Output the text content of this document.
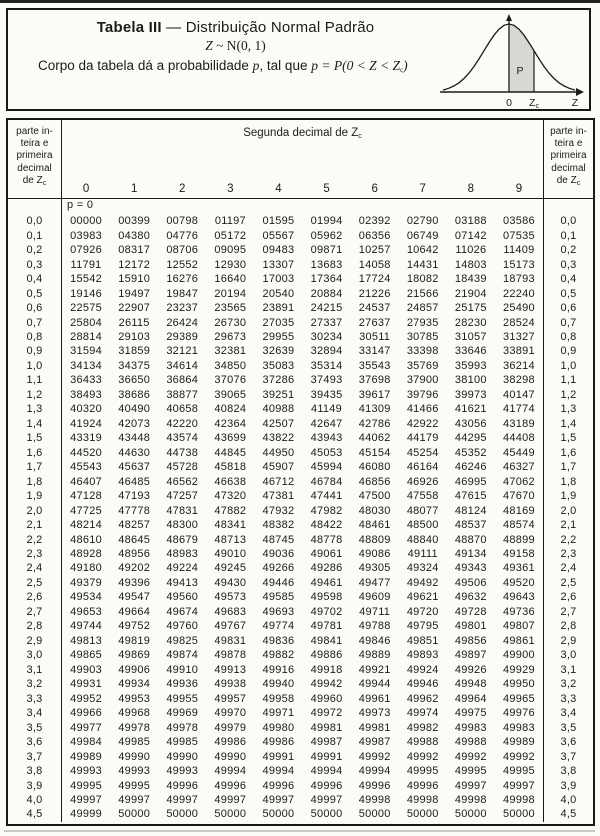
Tabela III — Distribuição Normal Padrão
Z ~ N(0, 1)
Corpo da tabela dá a probabilidade p, tal que $p = P(0 < Z < Z_c)$	P
0 Zc	Z
parte in-
teira e
primeira
decimal
de $Z_c$
Segunda decimal de $Z_c$
0	1	2	3	4	5	6	7	8	9
parte in-
teira e
primeira
decimal
de $Z_c$
p = 0
0,0	00000	00399	00798	01197	01595	01994	02392	02790	03188	03586	0,0
0,1	03983	04380	04776	05172	05567	05962	06356	06749	07142	07535	0,1
0,2	07926	08317	08706	09095	09483	09871	10257	10642	11026	11409	0,2
0,3	11791	12172	12552	12930	13307	13683	14058	14431	14803	15173	0,3
0,4	15542	15910	16276	16640	17003	17364	17724	18082	18439	18793	0,4
0,5	19146	19497	19847	20194	20540	20884	21226	21566	21904	22240	0,5
0,6	22575	22907	23237	23565	23891	24215	24537	24857	25175	25490	0,6
0,7	25804	26115	26424	26730	27035	27337	27637	27935	28230	28524	0,7
0,8	28814	29103	29389	29673	29955	30234	30511	30785	31057	31327	0,8
0,9	31594	31859	32121	32381	32639	32894	33147	33398	33646	33891	0,9
1,0	34134	34375	34614	34850	35083	35314	35543	35769	35993	36214	1,0
1,1	36433	36650	36864	37076	37286	37493	37698	37900	38100	38298	1,1
1,2	38493	38686	38877	39065	39251	39435	39617	39796	39973	40147	1,2
1,3	40320	40490	40658	40824	40988	41149	41309	41466	41621	41774	1,3
1,4	41924	42073	42220	42364	42507	42647	42786	42922	43056	43189	1,4
1,5	43319	43448	43574	43699	43822	43943	44062	44179	44295	44408	1,5
1,6	44520	44630	44738	44845	44950	45053	45154	45254	45352	45449	1,6
1,7	45543	45637	45728	45818	45907	45994	46080	46164	46246	46327	1,7
1,8	46407	46485	46562	46638	46712	46784	46856	46926	46995	47062	1,8
1,9	47128	47193	47257	47320	47381	47441	47500	47558	47615	47670	1,9
2,0	47725	47778	47831	47882	47932	47982	48030	48077	48124	48169	2,0
2,1	48214	48257	48300	48341	48382	48422	48461	48500	48537	48574	2,1
2,2	48610	48645	48679	48713	48745	48778	48809	48840	48870	48899	2,2
2,3	48928	48956	48983	49010	49036	49061	49086	49111	49134	49158	2,3
2,4	49180	49202	49224	49245	49266	49286	49305	49324	49343	49361	2,4
2,5	49379	49396	49413	49430	49446	49461	49477	49492	49506	49520	2,5
2,6	49534	49547	49560	49573	49585	49598	49609	49621	49632	49643	2,6
2,7	49653	49664	49674	49683	49693	49702	49711	49720	49728	49736	2,7
2,8	49744	49752	49760	49767	49774	49781	49788	49795	49801	49807	2,8
2,9	49813	49819	49825	49831	49836	49841	49846	49851	49856	49861	2,9
3,0	49865	49869	49874	49878	49882	49886	49889	49893	49897	49900	3,0
3,1	49903	49906	49910	49913	49916	49918	49921	49924	49926	49929	3,1
3,2	49931	49934	49936	49938	49940	49942	49944	49946	49948	49950	3,2
3,3	49952	49953	49955	49957	49958	49960	49961	49962	49964	49965	3,3
3,4	49966	49968	49969	49970	49971	49972	49973	49974	49975	49976	3,4
3,5	49977	49978	49978	49979	49980	49981	49981	49982	49983	49983	3,5
3,6	49984	49985	49985	49986	49986	49987	49987	49988	49988	49989	3,6
3,7	49989	49990	49990	49990	49991	49991	49992	49992	49992	49992	3,7
3,8	49993	49993	49993	49994	49994	49994	49994	49995	49995	49995	3,8
3,9	49995	49995	49996	49996	49996	49996	49996	49996	49997	49997	3,9
4,0	49997	49997	49997	49997	49997	49997	49998	49998	49998	49998	4,0
4,5	49999	50000	50000	50000	50000	50000	50000	50000	50000	50000	4,5
